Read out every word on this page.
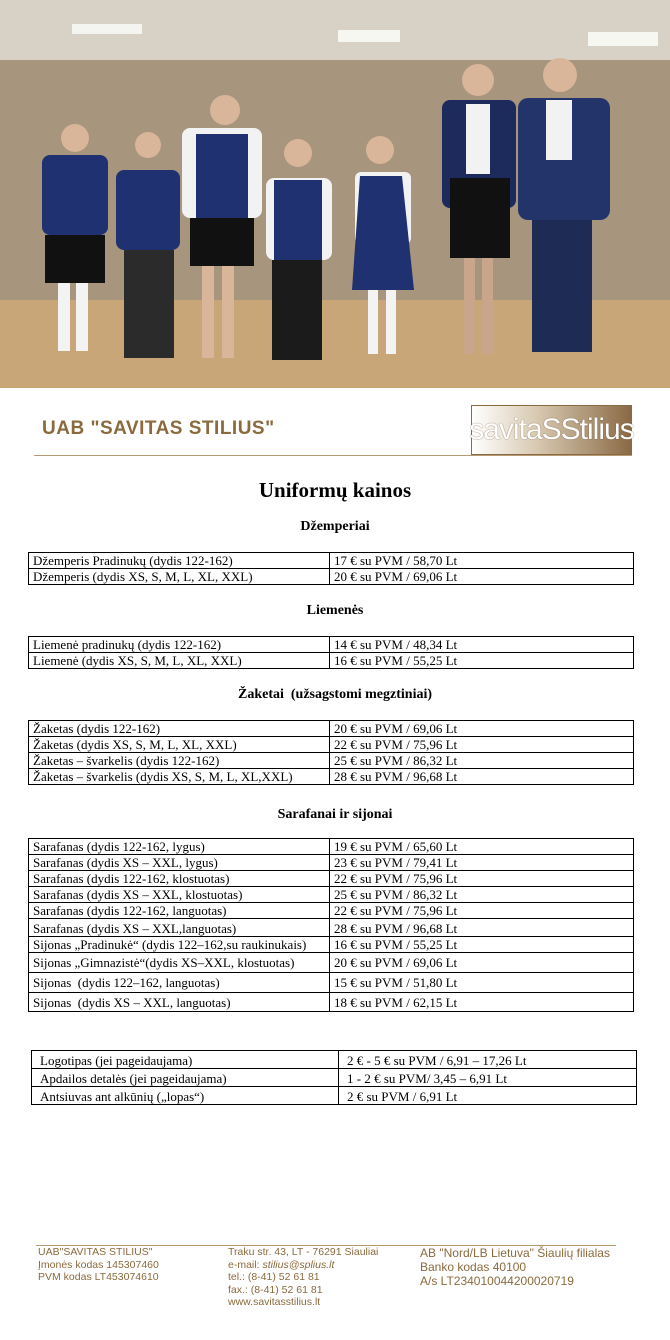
UAB "SAVITAS STILIUS"	savitaSStilius
Uniformų kainos
Džemperiai
Džemperis Pradinukų (dydis 122-162)	17 € su PVM / 58,70 Lt
Džemperis (dydis XS, S, M, L, XL, XXL)	20 € su PVM / 69,06 Lt
Liemenės
Liemenė pradinukų (dydis 122-162)	14 € su PVM / 48,34 Lt
Liemenė (dydis XS, S, M, L, XL, XXL)	16 € su PVM / 55,25 Lt
Žaketai  (užsagstomi megztiniai)
Žaketas (dydis 122-162)	20 € su PVM / 69,06 Lt
Žaketas (dydis XS, S, M, L, XL, XXL)	22 € su PVM / 75,96 Lt
Žaketas – švarkelis (dydis 122-162)	25 € su PVM / 86,32 Lt
Žaketas – švarkelis (dydis XS, S, M, L, XL,XXL)	28 € su PVM / 96,68 Lt
Sarafanai ir sijonai
Sarafanas (dydis 122-162, lygus)	19 € su PVM / 65,60 Lt
Sarafanas (dydis XS – XXL, lygus)	23 € su PVM / 79,41 Lt
Sarafanas (dydis 122-162, klostuotas)	22 € su PVM / 75,96 Lt
Sarafanas (dydis XS – XXL, klostuotas)	25 € su PVM / 86,32 Lt
Sarafanas (dydis 122-162, languotas)	22 € su PVM / 75,96 Lt
Sarafanas (dydis XS – XXL,languotas)	28 € su PVM / 96,68 Lt
Sijonas „Pradinukė“ (dydis 122–162,su raukinukais)	16 € su PVM / 55,25 Lt
Sijonas „Gimnazistė“(dydis XS–XXL, klostuotas)	20 € su PVM / 69,06 Lt
Sijonas  (dydis 122–162, languotas)	15 € su PVM / 51,80 Lt
Sijonas  (dydis XS – XXL, languotas)	18 € su PVM / 62,15 Lt
Logotipas (jei pageidaujama)	2 € - 5 € su PVM / 6,91 – 17,26 Lt
Apdailos detalės (jei pageidaujama)	1 - 2 € su PVM/ 3,45 – 6,91 Lt
Antsiuvas ant alkūnių („lopas“)	2 € su PVM / 6,91 Lt
UAB"SAVITAS STILIUS"
Įmonės kodas 145307460
PVM kodas LT453074610
Traku str. 43, LT - 76291 Siauliai
e-mail: stilius@splius.lt
tel.: (8-41) 52 61 81
fax.: (8-41) 52 61 81
www.savitasstilius.lt
AB "Nord/LB Lietuva" Šiaulių filialas
Banko kodas 40100
A/s LT234010044200020719
